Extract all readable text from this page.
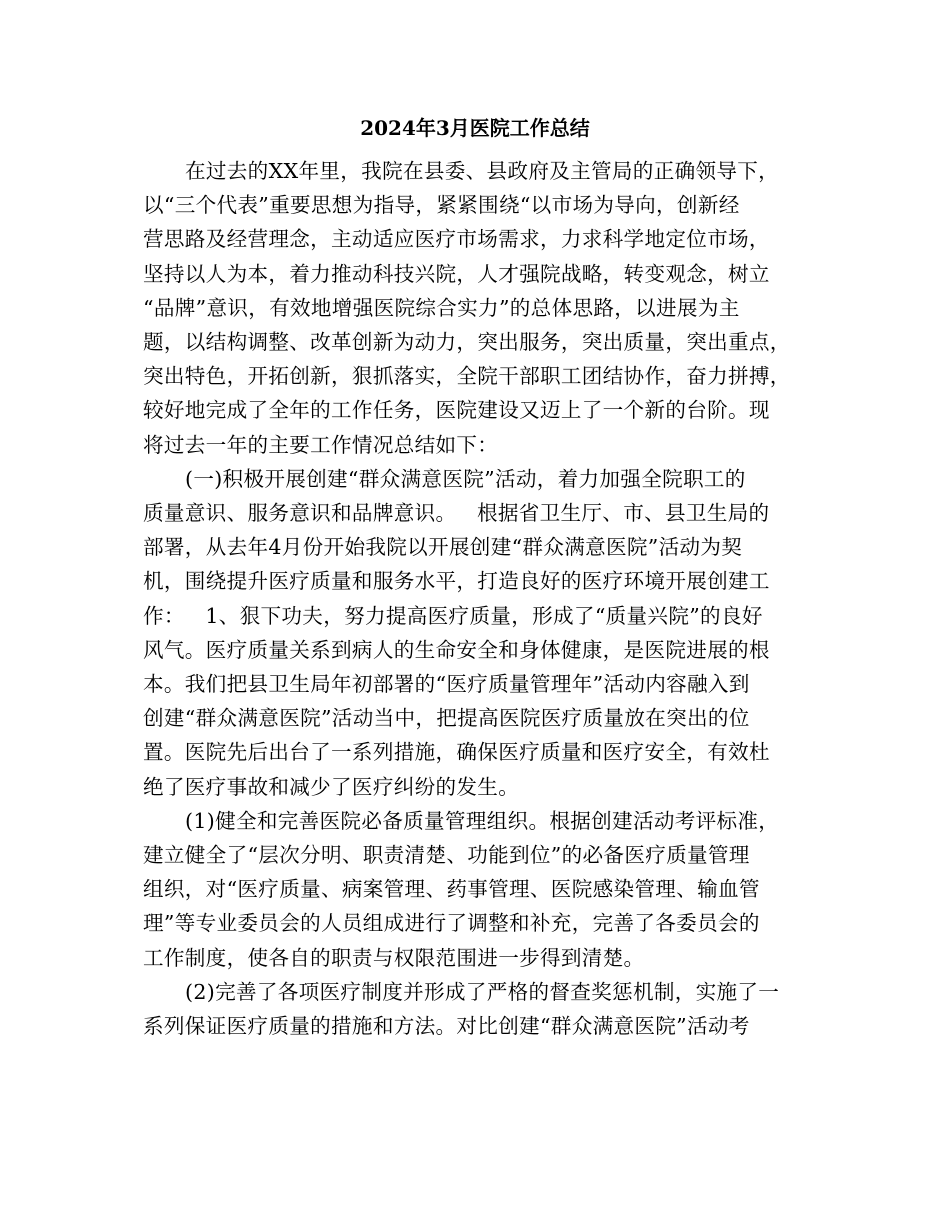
2024年3月医院工作总结
在过去的XX年里，我院在县委、县政府及主管局的正确领导下，
以“三个代表”重要思想为指导，紧紧围绕“以市场为导向，创新经
营思路及经营理念，主动适应医疗市场需求，力求科学地定位市场，
坚持以人为本，着力推动科技兴院，人才强院战略，转变观念，树立
“品牌”意识，有效地增强医院综合实力”的总体思路，以进展为主
题，以结构调整、改革创新为动力，突出服务，突出质量，突出重点，
突出特色，开拓创新，狠抓落实，全院干部职工团结协作，奋力拼搏，
较好地完成了全年的工作任务，医院建设又迈上了一个新的台阶。现
将过去一年的主要工作情况总结如下：
(一)积极开展创建“群众满意医院”活动，着力加强全院职工的
质量意识、服务意识和品牌意识。   根据省卫生厅、市、县卫生局的
部署，从去年4月份开始我院以开展创建“群众满意医院”活动为契
机，围绕提升医疗质量和服务水平，打造良好的医疗环境开展创建工
作：   1、狠下功夫，努力提高医疗质量，形成了“质量兴院”的良好
风气。医疗质量关系到病人的生命安全和身体健康，是医院进展的根
本。我们把县卫生局年初部署的“医疗质量管理年”活动内容融入到
创建“群众满意医院”活动当中，把提高医院医疗质量放在突出的位
置。医院先后出台了一系列措施，确保医疗质量和医疗安全，有效杜
绝了医疗事故和减少了医疗纠纷的发生。
(1)健全和完善医院必备质量管理组织。根据创建活动考评标准，
建立健全了“层次分明、职责清楚、功能到位”的必备医疗质量管理
组织，对“医疗质量、病案管理、药事管理、医院感染管理、输血管
理”等专业委员会的人员组成进行了调整和补充，完善了各委员会的
工作制度，使各自的职责与权限范围进一步得到清楚。
(2)完善了各项医疗制度并形成了严格的督查奖惩机制，实施了一
系列保证医疗质量的措施和方法。对比创建“群众满意医院”活动考
